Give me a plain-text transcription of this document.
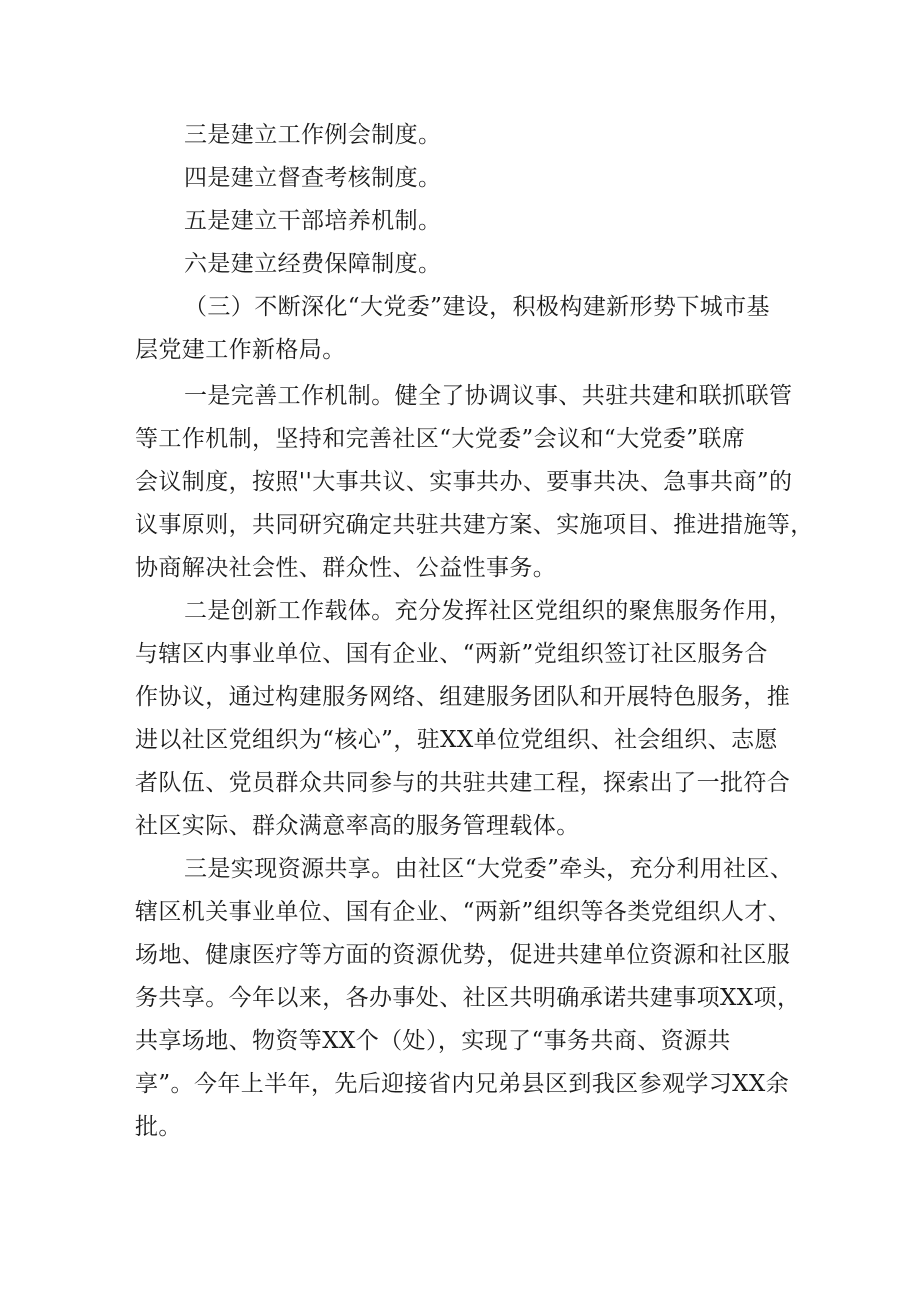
三是建立工作例会制度。
四是建立督查考核制度。
五是建立干部培养机制。
六是建立经费保障制度。
（三）不断深化“大党委”建设，积极构建新形势下城市基
层党建工作新格局。
一是完善工作机制。健全了协调议事、共驻共建和联抓联管
等工作机制，坚持和完善社区“大党委”会议和“大党委”联席
会议制度，按照''大事共议、实事共办、要事共决、急事共商”的
议事原则，共同研究确定共驻共建方案、实施项目、推进措施等，
协商解决社会性、群众性、公益性事务。
二是创新工作载体。充分发挥社区党组织的聚焦服务作用，
与辖区内事业单位、国有企业、“两新”党组织签订社区服务合
作协议，通过构建服务网络、组建服务团队和开展特色服务，推
进以社区党组织为“核心”，驻XX单位党组织、社会组织、志愿
者队伍、党员群众共同参与的共驻共建工程，探索出了一批符合
社区实际、群众满意率高的服务管理载体。
三是实现资源共享。由社区“大党委”牵头，充分利用社区、
辖区机关事业单位、国有企业、“两新”组织等各类党组织人才、
场地、健康医疗等方面的资源优势，促进共建单位资源和社区服
务共享。今年以来，各办事处、社区共明确承诺共建事项XX项，
共享场地、物资等XX个（处），实现了“事务共商、资源共
享”。今年上半年，先后迎接省内兄弟县区到我区参观学习XX余
批。
